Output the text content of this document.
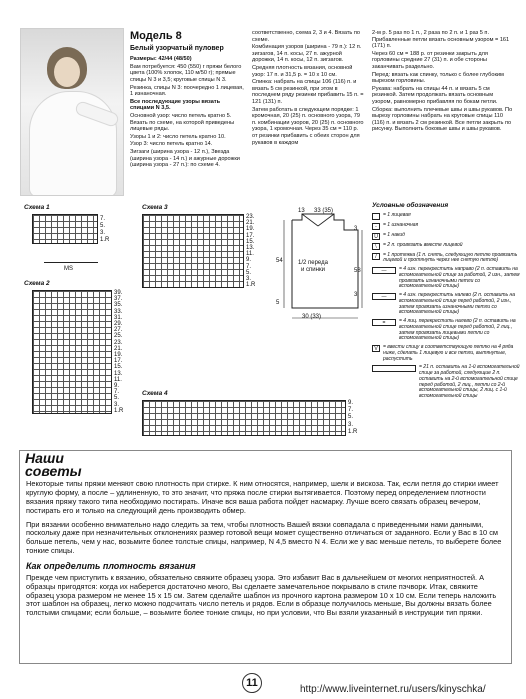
Модель 8
Белый узорчатый пуловер

Размеры: 42/44 (48/50)

Вам потребуется: 450 (550) г пряжи белого цвета (100% хлопок, 110 м/50 г); прямые спицы N 3 и 3,5; круговые спицы N 3.

Резинка, спицы N 3: поочередно 1 лицевая, 1 изнаночная.

Все последующие узоры вязать спицами N 3,5.

Основной узор: число петель кратно 5. Вязать по схеме, на которой приведены лицевые ряды.

Узоры 1 и 2: число петель кратно 10.

Узор 3: число петель кратно 14.

Зигзаги (ширина узора - 12 п.), Звезда (ширина узора - 14 п.) и ажурные дорожки (ширина узора - 27 п.): по схеме 4.

соответственно, схема 2, 3 и 4. Вязать по схеме.

Комбинация узоров (ширина - 79 п.): 12 п. зигзагов, 14 п. косы, 27 п. ажурной дорожки, 14 п. косы, 12 п. зигзагов.

Средняя плотность вязания, основной узор: 17 п. и 31,5 р. = 10 х 10 см.

Спинка: набрать на спицы 106 (116) п. и вязать 5 см резинкой, при этом в последнем ряду резинки прибавить 15 п. = 121 (131) п.

Затем работать в следующем порядке: 1 кромочная, 20 (25) п. основного узора, 79 п. комбинации узоров, 20 (25) п. основного узора, 1 кромочная. Через 35 см = 110 р. от резинки прибавить с обеих сторон для рукавов в каждом

2-м р. 5 раз по 1 п., 2 раза по 2 п. и 1 раз 5 п. Прибавленные петли вязать основным узором = 161 (171) п.

Через 60 см = 188 р. от резинки закрыть для горловины средние 27 (31) п. и обе стороны заканчивать раздельно.

Перед: вязать как спинку, только с более глубоким вырезом горловины.

Рукава: набрать на спицы 44 п. и вязать 5 см резинкой. Затем продолжать вязать основным узором, равномерно прибавляя по бокам петли.

Сборка: выполнить плечевые швы и швы рукавов. По вырезу горловины набрать на круговые спицы 110 (116) п. и вязать 2 см резинкой. Все петли закрыть по рисунку. Выполнить боковые швы и швы рукавов.

Схема 1
7.
5.
3.
1.R
MS
Схема 2
39.
37.
35.
33.
31.
29.
27.
25.
23.
21.
19.
17.
15.
13.
11.
9.
7.
5.
3.
1.R
Схема 3
23.
21.
19.
17.
15.
13.
11.
9.
7.
5.
3.
1.R
13 33 (35)
54
58
3
3
5
30 (33)
1/2 переда и спинки
Схема 4
9.
7.
5.
3.
1.R
Условные обозначения
= 1 лицевая
-	= 1 изнаночная
U	= 1 накид
\	= 2 п. провязать вместе лицевой
/	= 1 протяжка (1 п. снять, следующую петлю провязать лицевой и протянуть через нее снятую петлю)
—	= 4 изн. перекрестить направо (2 п. оставить на вспомогательной спице за работой, 2 изн., затем провязать изнаночными петли со вспомогательной спицы)
—	= 4 изн. перекрестить налево (2 п. оставить на вспомогательной спице перед работой, 2 изн., затем провязать изнаночными петли со вспомогательной спицы)
=	= 4 лиц. перекрестить налево (2 п. оставить на вспомогательной спице перед работой, 2 лиц., затем провязать лицевыми петли со вспомогательной спицы)
V	= ввести спицу в соответствующую петлю на 4 ряда ниже, сделать 1 лицевую и все петли, вытянутые, распустить
= 21 п. оставить на 1-й вспомогательной спице за работой, следующие 2 п. оставить на 2-й вспомогательной спице перед работой, 2 лиц., петли со 2-й вспомогательной спицы, 2 лиц. с 1-й вспомогательной спицы
Наши
советы

Некоторые типы пряжи меняют свою плотность при стирке. К ним относятся, например, шелк и вискоза. Так, если петля до стирки имеет круглую форму, а после – удлиненную, то это значит, что пряжа после стирки вытягивается. Поэтому перед определением плотности вязания пряжу такого типа необходимо постирать. Иначе вся ваша работа пойдет насмарку. Лучше всего связать образец вечером, постирать его и только на следующий день производить обмер.

При вязании особенно внимательно надо следить за тем, чтобы плотность Вашей вязки совпадала с приведенными нами данными, поскольку даже при незначительных отклонениях размер готовой вещи может существенно отличаться от заданного. Если у Вас в 10 см больше петель, чем у нас, возьмите более толстые спицы, например, N 4,5 вместо N 4. Если же у вас меньше петель, то выберете более тонкие спицы.

Как определить плотность вязания

Прежде чем приступить к вязанию, обязательно свяжите образец узора. Это избавит Вас в дальнейшем от многих неприятностей. А образцы пригодятся: когда их наберется достаточно много, Вы сделаете замечательное покрывало в стиле пэчворк. Итак, свяжите образец узора размером не менее 15 х 15 см. Затем сделайте шаблон из прочного картона размером 10 х 10 см. Если теперь наложить этот шаблон на образец, легко можно подсчитать число петель и рядов. Если в образце получилось меньше, Вы должны вязать более толстыми спицами; если больше, – возьмите более тонкие спицы, но при условии, что Вы взяли указанный в инструкции тип пряжи.

11
http://www.liveinternet.ru/users/kinyschka/
